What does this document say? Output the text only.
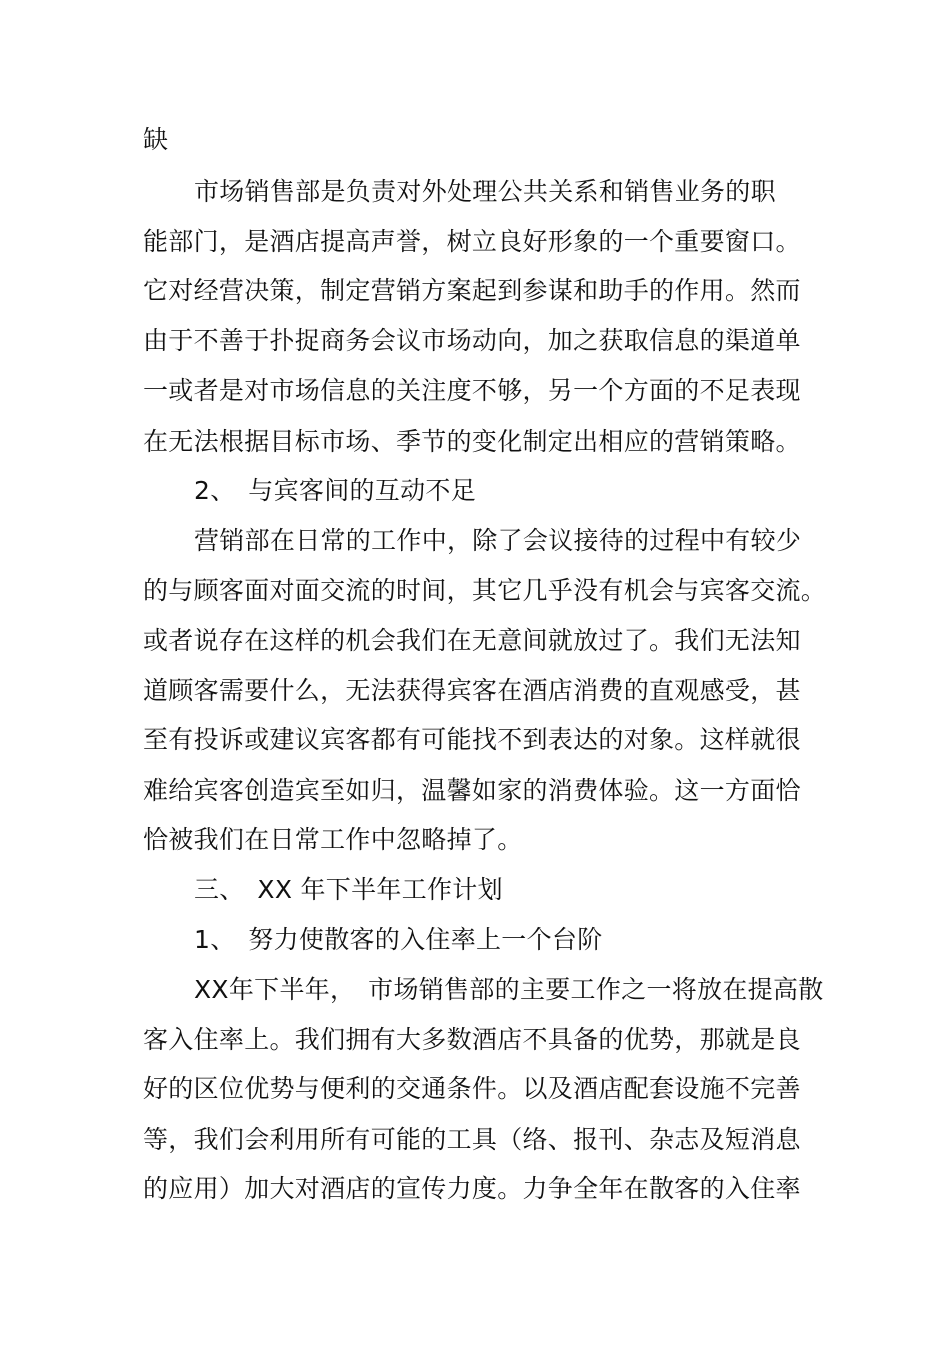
缺
市场销售部是负责对外处理公共关系和销售业务的职
能部门，是酒店提高声誉，树立良好形象的一个重要窗口。
它对经营决策，制定营销方案起到参谋和助手的作用。然而
由于不善于扑捉商务会议市场动向，加之获取信息的渠道单
一或者是对市场信息的关注度不够，另一个方面的不足表现
在无法根据目标市场、季节的变化制定出相应的营销策略。
2、　与宾客间的互动不足
营销部在日常的工作中，除了会议接待的过程中有较少
的与顾客面对面交流的时间，其它几乎没有机会与宾客交流。
或者说存在这样的机会我们在无意间就放过了。我们无法知
道顾客需要什么，无法获得宾客在酒店消费的直观感受，甚
至有投诉或建议宾客都有可能找不到表达的对象。这样就很
难给宾客创造宾至如归，温馨如家的消费体验。这一方面恰
恰被我们在日常工作中忽略掉了。
三、　XX 年下半年工作计划
1、　努力使散客的入住率上一个台阶
XX年下半年，　市场销售部的主要工作之一将放在提高散
客入住率上。我们拥有大多数酒店不具备的优势，那就是良
好的区位优势与便利的交通条件。以及酒店配套设施不完善
等，我们会利用所有可能的工具（络、报刊、杂志及短消息
的应用）加大对酒店的宣传力度。力争全年在散客的入住率
